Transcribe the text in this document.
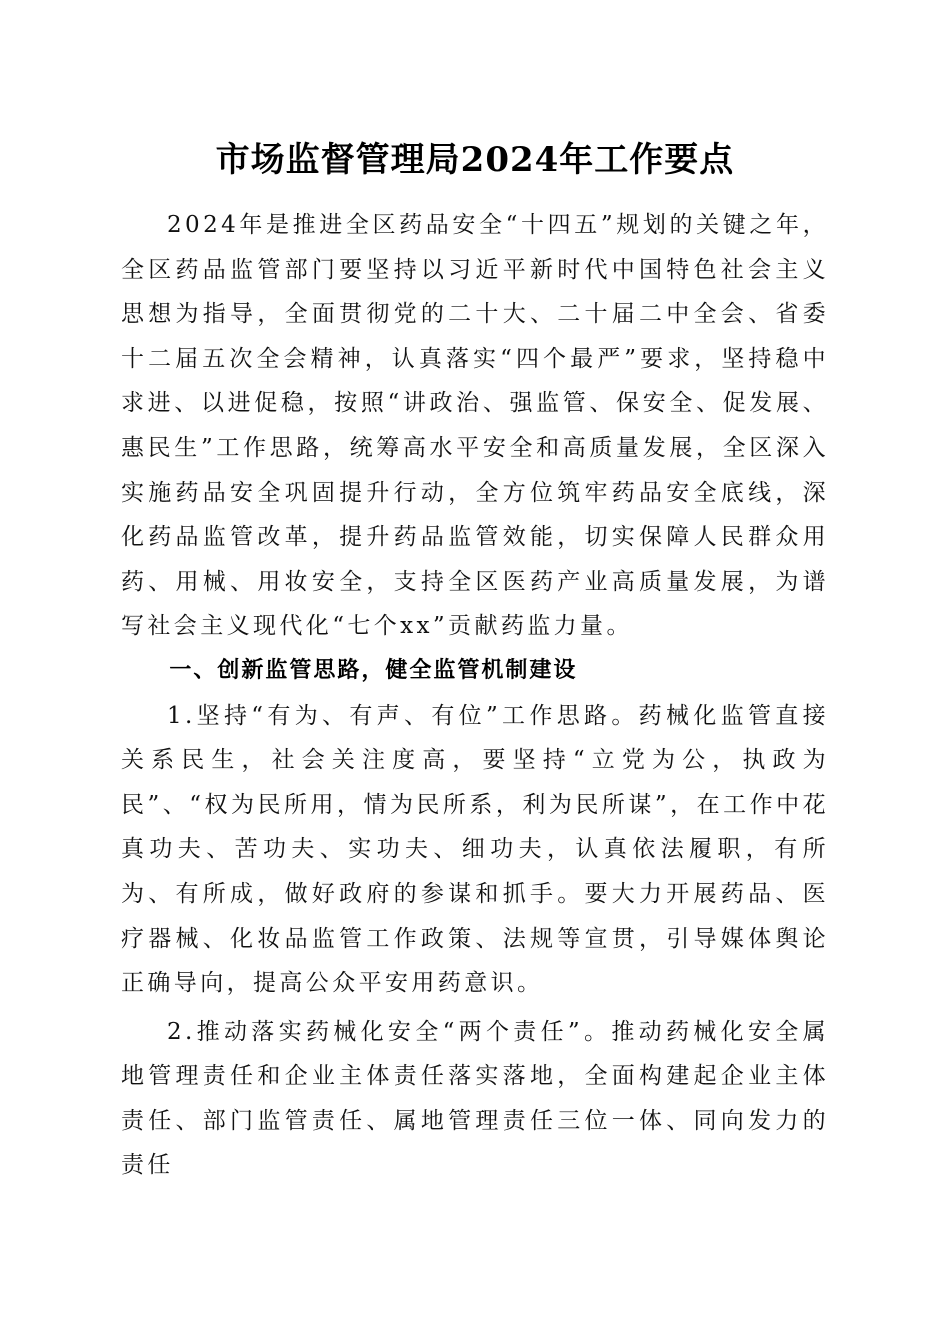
市场监督管理局2024年工作要点

2024年是推进全区药品安全“十四五”规划的关键之年，全区药品监管部门要坚持以习近平新时代中国特色社会主义思想为指导，全面贯彻党的二十大、二十届二中全会、省委十二届五次全会精神，认真落实“四个最严”要求，坚持稳中求进、以进促稳，按照“讲政治、强监管、保安全、促发展、惠民生”工作思路，统筹高水平安全和高质量发展，全区深入实施药品安全巩固提升行动，全方位筑牢药品安全底线，深化药品监管改革，提升药品监管效能，切实保障人民群众用药、用械、用妆安全，支持全区医药产业高质量发展，为谱写社会主义现代化“七个xx”贡献药监力量。

一、创新监管思路，健全监管机制建设

1.坚持“有为、有声、有位”工作思路。药械化监管直接关系民生，社会关注度高，要坚持“立党为公，执政为民”、“权为民所用，情为民所系，利为民所谋”，在工作中花真功夫、苦功夫、实功夫、细功夫，认真依法履职，有所为、有所成，做好政府的参谋和抓手。要大力开展药品、医疗器械、化妆品监管工作政策、法规等宣贯，引导媒体舆论正确导向，提高公众平安用药意识。

2.推动落实药械化安全“两个责任”。推动药械化安全属地管理责任和企业主体责任落实落地，全面构建起企业主体责任、部门监管责任、属地管理责任三位一体、同向发力的责任
